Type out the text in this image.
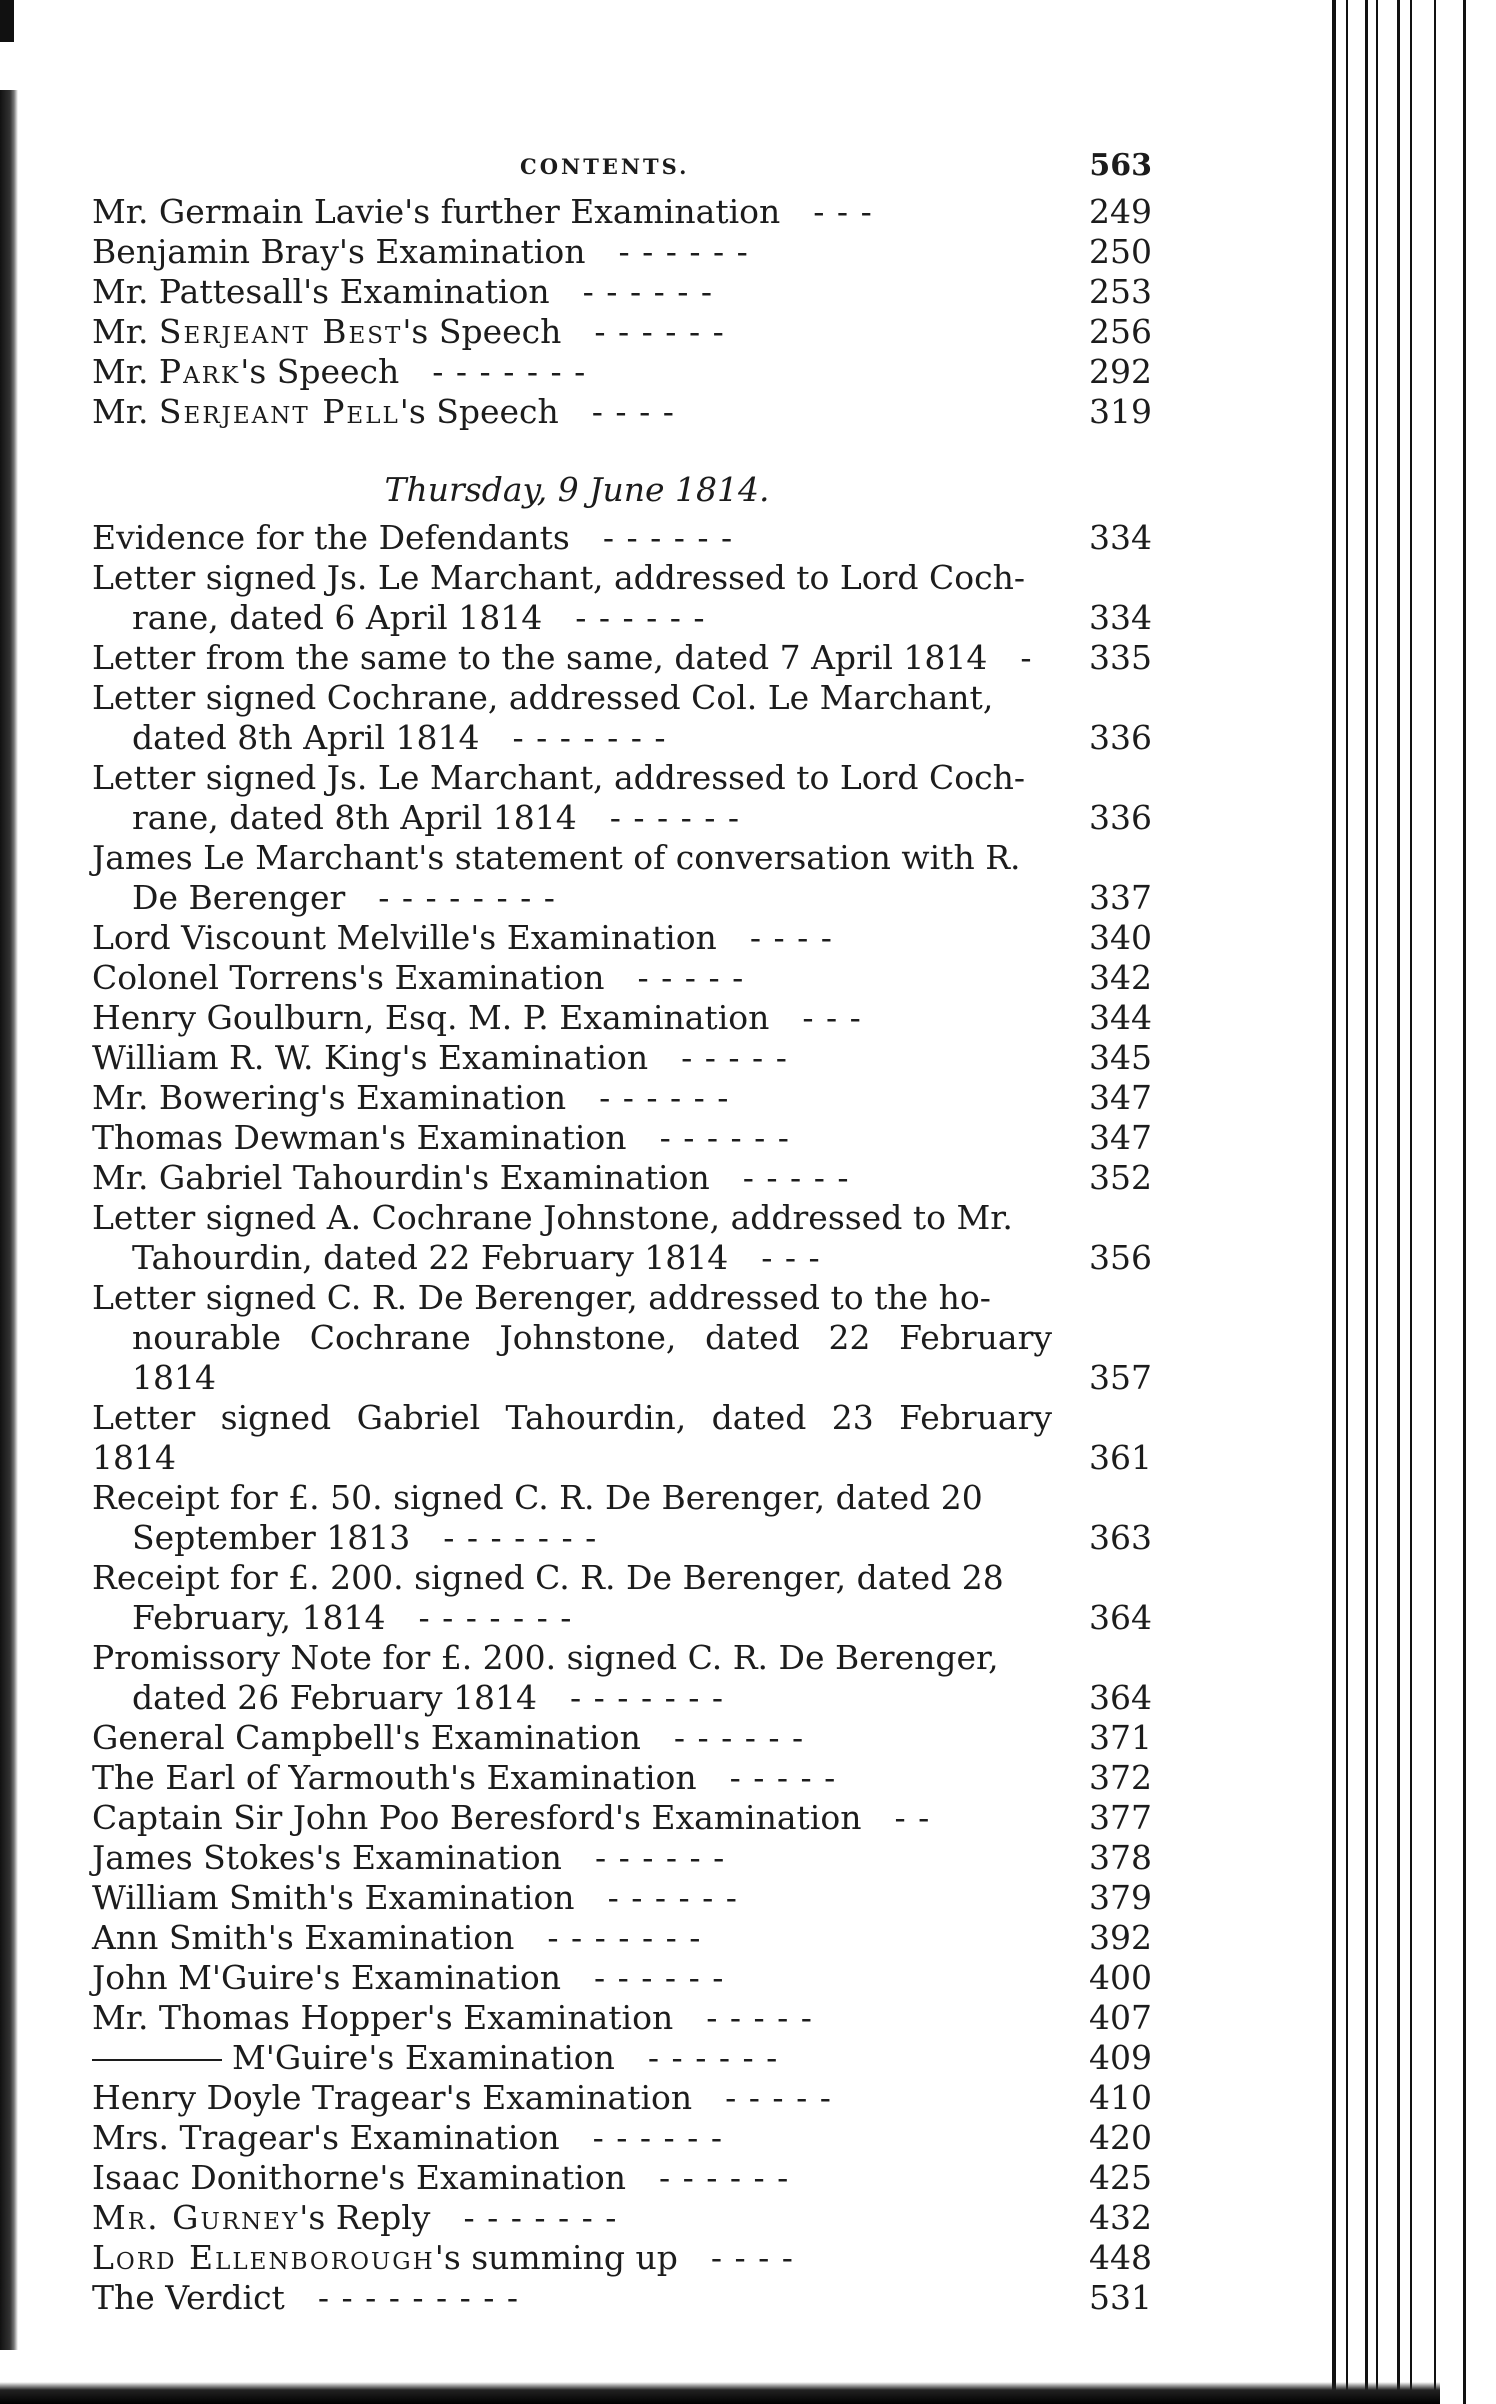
CONTENTS.	563
Mr. Germain Lavie's further Examination  - - -	249
Benjamin Bray's Examination  - - - - - -	250
Mr. Pattesall's Examination  - - - - - -	253
Mr. Serjeant Best's Speech  - - - - - -	256
Mr. Park's Speech  - - - - - - -	292
Mr. Serjeant Pell's Speech  - - - -	319
Thursday, 9 June 1814.
Evidence for the Defendants  - - - - - -	334
Letter signed Js. Le Marchant, addressed to Lord Coch-
rane, dated 6 April 1814  - - - - - -	334
Letter from the same to the same, dated 7 April 1814  -	335
Letter signed Cochrane, addressed Col. Le Marchant,
dated 8th April 1814  - - - - - - -	336
Letter signed Js. Le Marchant, addressed to Lord Coch-
rane, dated 8th April 1814  - - - - - -	336
James Le Marchant's statement of conversation with R.
De Berenger  - - - - - - - -	337
Lord Viscount Melville's Examination  - - - -	340
Colonel Torrens's Examination  - - - - -	342
Henry Goulburn, Esq. M. P. Examination  - - -	344
William R. W. King's Examination  - - - - -	345
Mr. Bowering's Examination  - - - - - -	347
Thomas Dewman's Examination  - - - - - -	347
Mr. Gabriel Tahourdin's Examination  - - - - -	352
Letter signed A. Cochrane Johnstone, addressed to Mr.
Tahourdin, dated 22 February 1814  - - -	356
Letter signed C. R. De Berenger, addressed to the ho-
nourable Cochrane Johnstone, dated 22 February 1814	357
Letter signed Gabriel Tahourdin, dated 23 February 1814	361
Receipt for £. 50. signed C. R. De Berenger, dated 20
September 1813  - - - - - - -	363
Receipt for £. 200. signed C. R. De Berenger, dated 28
February, 1814  - - - - - - -	364
Promissory Note for £. 200. signed C. R. De Berenger,
dated 26 February 1814  - - - - - - -	364
General Campbell's Examination  - - - - - -	371
The Earl of Yarmouth's Examination  - - - - -	372
Captain Sir John Poo Beresford's Examination  - -	377
James Stokes's Examination  - - - - - -	378
William Smith's Examination  - - - - - -	379
Ann Smith's Examination  - - - - - - -	392
John M'Guire's Examination  - - - - - -	400
Mr. Thomas Hopper's Examination  - - - - -	407
M'Guire's Examination  - - - - - -	409
Henry Doyle Tragear's Examination  - - - - -	410
Mrs. Tragear's Examination  - - - - - -	420
Isaac Donithorne's Examination  - - - - - -	425
Mr. Gurney's Reply  - - - - - - -	432
Lord Ellenborough's summing up  - - - -	448
The Verdict  - - - - - - - - -	531
